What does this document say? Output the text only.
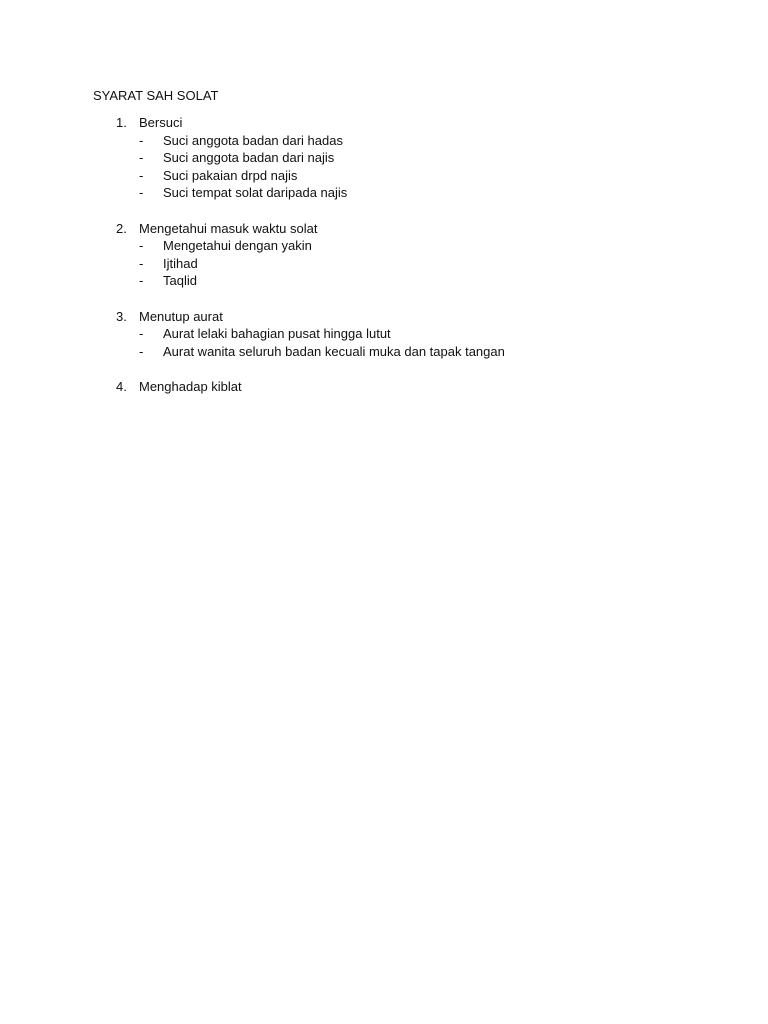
SYARAT SAH SOLAT
1. Bersuci
- Suci anggota badan dari hadas
- Suci anggota badan dari najis
- Suci pakaian drpd najis
- Suci tempat solat daripada najis
2. Mengetahui masuk waktu solat
- Mengetahui dengan yakin
- Ijtihad
- Taqlid
3. Menutup aurat
- Aurat lelaki bahagian pusat hingga lutut
- Aurat wanita seluruh badan kecuali muka dan tapak tangan
4. Menghadap kiblat
